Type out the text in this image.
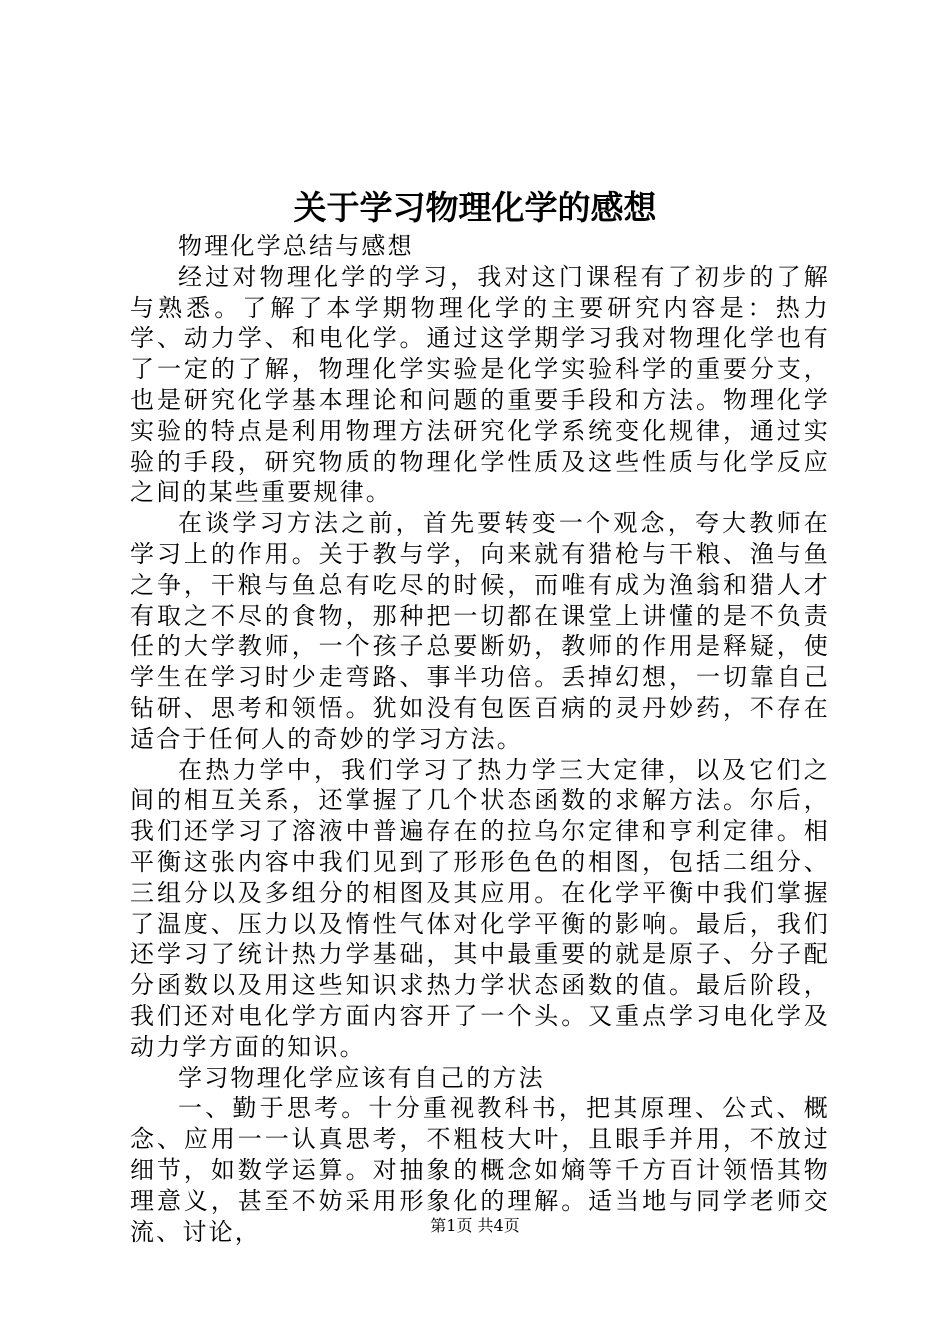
关于学习物理化学的感想

物理化学总结与感想

经过对物理化学的学习，我对这门课程有了初步的了解与熟悉。了解了本学期物理化学的主要研究内容是：热力学、动力学、和电化学。通过这学期学习我对物理化学也有了一定的了解，物理化学实验是化学实验科学的重要分支，也是研究化学基本理论和问题的重要手段和方法。物理化学实验的特点是利用物理方法研究化学系统变化规律，通过实验的手段，研究物质的物理化学性质及这些性质与化学反应之间的某些重要规律。

在谈学习方法之前，首先要转变一个观念，夸大教师在学习上的作用。关于教与学，向来就有猎枪与干粮、渔与鱼之争，干粮与鱼总有吃尽的时候，而唯有成为渔翁和猎人才有取之不尽的食物，那种把一切都在课堂上讲懂的是不负责任的大学教师，一个孩子总要断奶，教师的作用是释疑，使学生在学习时少走弯路、事半功倍。丢掉幻想，一切靠自己钻研、思考和领悟。犹如没有包医百病的灵丹妙药，不存在适合于任何人的奇妙的学习方法。

在热力学中，我们学习了热力学三大定律，以及它们之间的相互关系，还掌握了几个状态函数的求解方法。尔后，我们还学习了溶液中普遍存在的拉乌尔定律和亨利定律。相平衡这张内容中我们见到了形形色色的相图，包括二组分、三组分以及多组分的相图及其应用。在化学平衡中我们掌握了温度、压力以及惰性气体对化学平衡的影响。最后，我们还学习了统计热力学基础，其中最重要的就是原子、分子配分函数以及用这些知识求热力学状态函数的值。最后阶段，我们还对电化学方面内容开了一个头。又重点学习电化学及动力学方面的知识。

学习物理化学应该有自己的方法

一、勤于思考。十分重视教科书，把其原理、公式、概念、应用一一认真思考，不粗枝大叶，且眼手并用，不放过细节，如数学运算。对抽象的概念如熵等千方百计领悟其物理意义，甚至不妨采用形象化的理解。适当地与同学老师交流、讨论，	第1页 共4页
